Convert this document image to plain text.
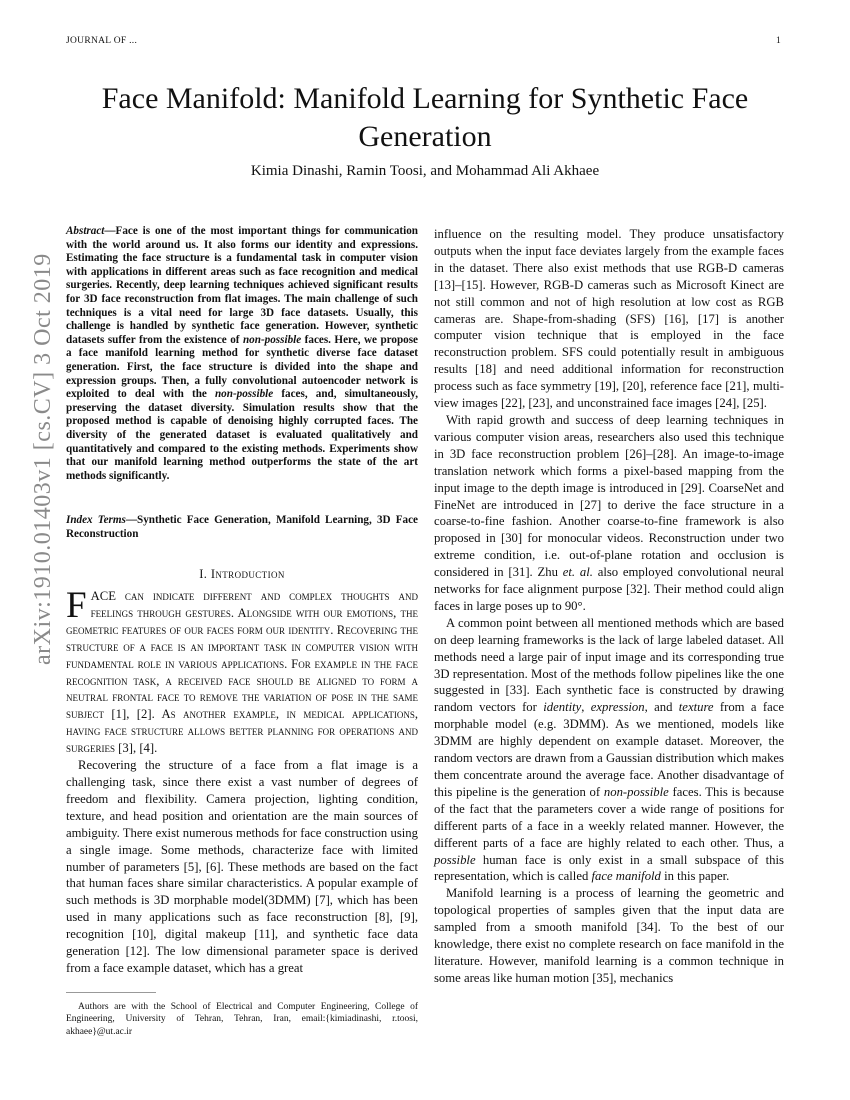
JOURNAL OF ...	1
Face Manifold: Manifold Learning for Synthetic Face Generation
Kimia Dinashi, Ramin Toosi, and Mohammad Ali Akhaee
arXiv:1910.01403v1 [cs.CV] 3 Oct 2019
Abstract—Face is one of the most important things for communication with the world around us. It also forms our identity and expressions. Estimating the face structure is a fundamental task in computer vision with applications in different areas such as face recognition and medical surgeries. Recently, deep learning techniques achieved significant results for 3D face reconstruction from flat images. The main challenge of such techniques is a vital need for large 3D face datasets. Usually, this challenge is handled by synthetic face generation. However, synthetic datasets suffer from the existence of non-possible faces. Here, we propose a face manifold learning method for synthetic diverse face dataset generation. First, the face structure is divided into the shape and expression groups. Then, a fully convolutional autoencoder network is exploited to deal with the non-possible faces, and, simultaneously, preserving the dataset diversity. Simulation results show that the proposed method is capable of denoising highly corrupted faces. The diversity of the generated dataset is evaluated qualitatively and quantitatively and compared to the existing methods. Experiments show that our manifold learning method outperforms the state of the art methods significantly.
Index Terms—Synthetic Face Generation, Manifold Learning, 3D Face Reconstruction
I. Introduction

FACE can indicate different and complex thoughts and feelings through gestures. Alongside with our emotions, the geometric features of our faces form our identity. Recovering the structure of a face is an important task in computer vision with fundamental role in various applications. For example in the face recognition task, a received face should be aligned to form a neutral frontal face to remove the variation of pose in the same subject [1], [2]. As another example, in medical applications, having face structure allows better planning for operations and surgeries [3], [4].

Recovering the structure of a face from a flat image is a challenging task, since there exist a vast number of degrees of freedom and flexibility. Camera projection, lighting condition, texture, and head position and orientation are the main sources of ambiguity. There exist numerous methods for face construction using a single image. Some methods, characterize face with limited number of parameters [5], [6]. These methods are based on the fact that human faces share similar characteristics. A popular example of such methods is 3D morphable model(3DMM) [7], which has been used in many applications such as face reconstruction [8], [9], recognition [10], digital makeup [11], and synthetic face data generation [12]. The low dimensional parameter space is derived from a face example dataset, which has a great

influence on the resulting model. They produce unsatisfactory outputs when the input face deviates largely from the example faces in the dataset. There also exist methods that use RGB-D cameras [13]–[15]. However, RGB-D cameras such as Microsoft Kinect are not still common and not of high resolution at low cost as RGB cameras are. Shape-from-shading (SFS) [16], [17] is another computer vision technique that is employed in the face reconstruction problem. SFS could potentially result in ambiguous results [18] and need additional information for reconstruction process such as face symmetry [19], [20], reference face [21], multi-view images [22], [23], and unconstrained face images [24], [25].

With rapid growth and success of deep learning techniques in various computer vision areas, researchers also used this technique in 3D face reconstruction problem [26]–[28]. An image-to-image translation network which forms a pixel-based mapping from the input image to the depth image is introduced in [29]. CoarseNet and FineNet are introduced in [27] to derive the face structure in a coarse-to-fine fashion. Another coarse-to-fine framework is also proposed in [30] for monocular videos. Reconstruction under two extreme condition, i.e. out-of-plane rotation and occlusion is considered in [31]. Zhu et. al. also employed convolutional neural networks for face alignment purpose [32]. Their method could align faces in large poses up to 90°.

A common point between all mentioned methods which are based on deep learning frameworks is the lack of large labeled dataset. All methods need a large pair of input image and its corresponding true 3D representation. Most of the methods follow pipelines like the one suggested in [33]. Each synthetic face is constructed by drawing random vectors for identity, expression, and texture from a face morphable model (e.g. 3DMM). As we mentioned, models like 3DMM are highly dependent on example dataset. Moreover, the random vectors are drawn from a Gaussian distribution which makes them concentrate around the average face. Another disadvantage of this pipeline is the generation of non-possible faces. This is because of the fact that the parameters cover a wide range of positions for different parts of a face in a weekly related manner. However, the different parts of a face are highly related to each other. Thus, a possible human face is only exist in a small subspace of this representation, which is called face manifold in this paper.

Manifold learning is a process of learning the geometric and topological properties of samples given that the input data are sampled from a smooth manifold [34]. To the best of our knowledge, there exist no complete research on face manifold in the literature. However, manifold learning is a common technique in some areas like human motion [35], mechanics

Authors are with the School of Electrical and Computer Engineering, College of Engineering, University of Tehran, Tehran, Iran, email:{kimiadinashi, r.toosi, akhaee}@ut.ac.ir
